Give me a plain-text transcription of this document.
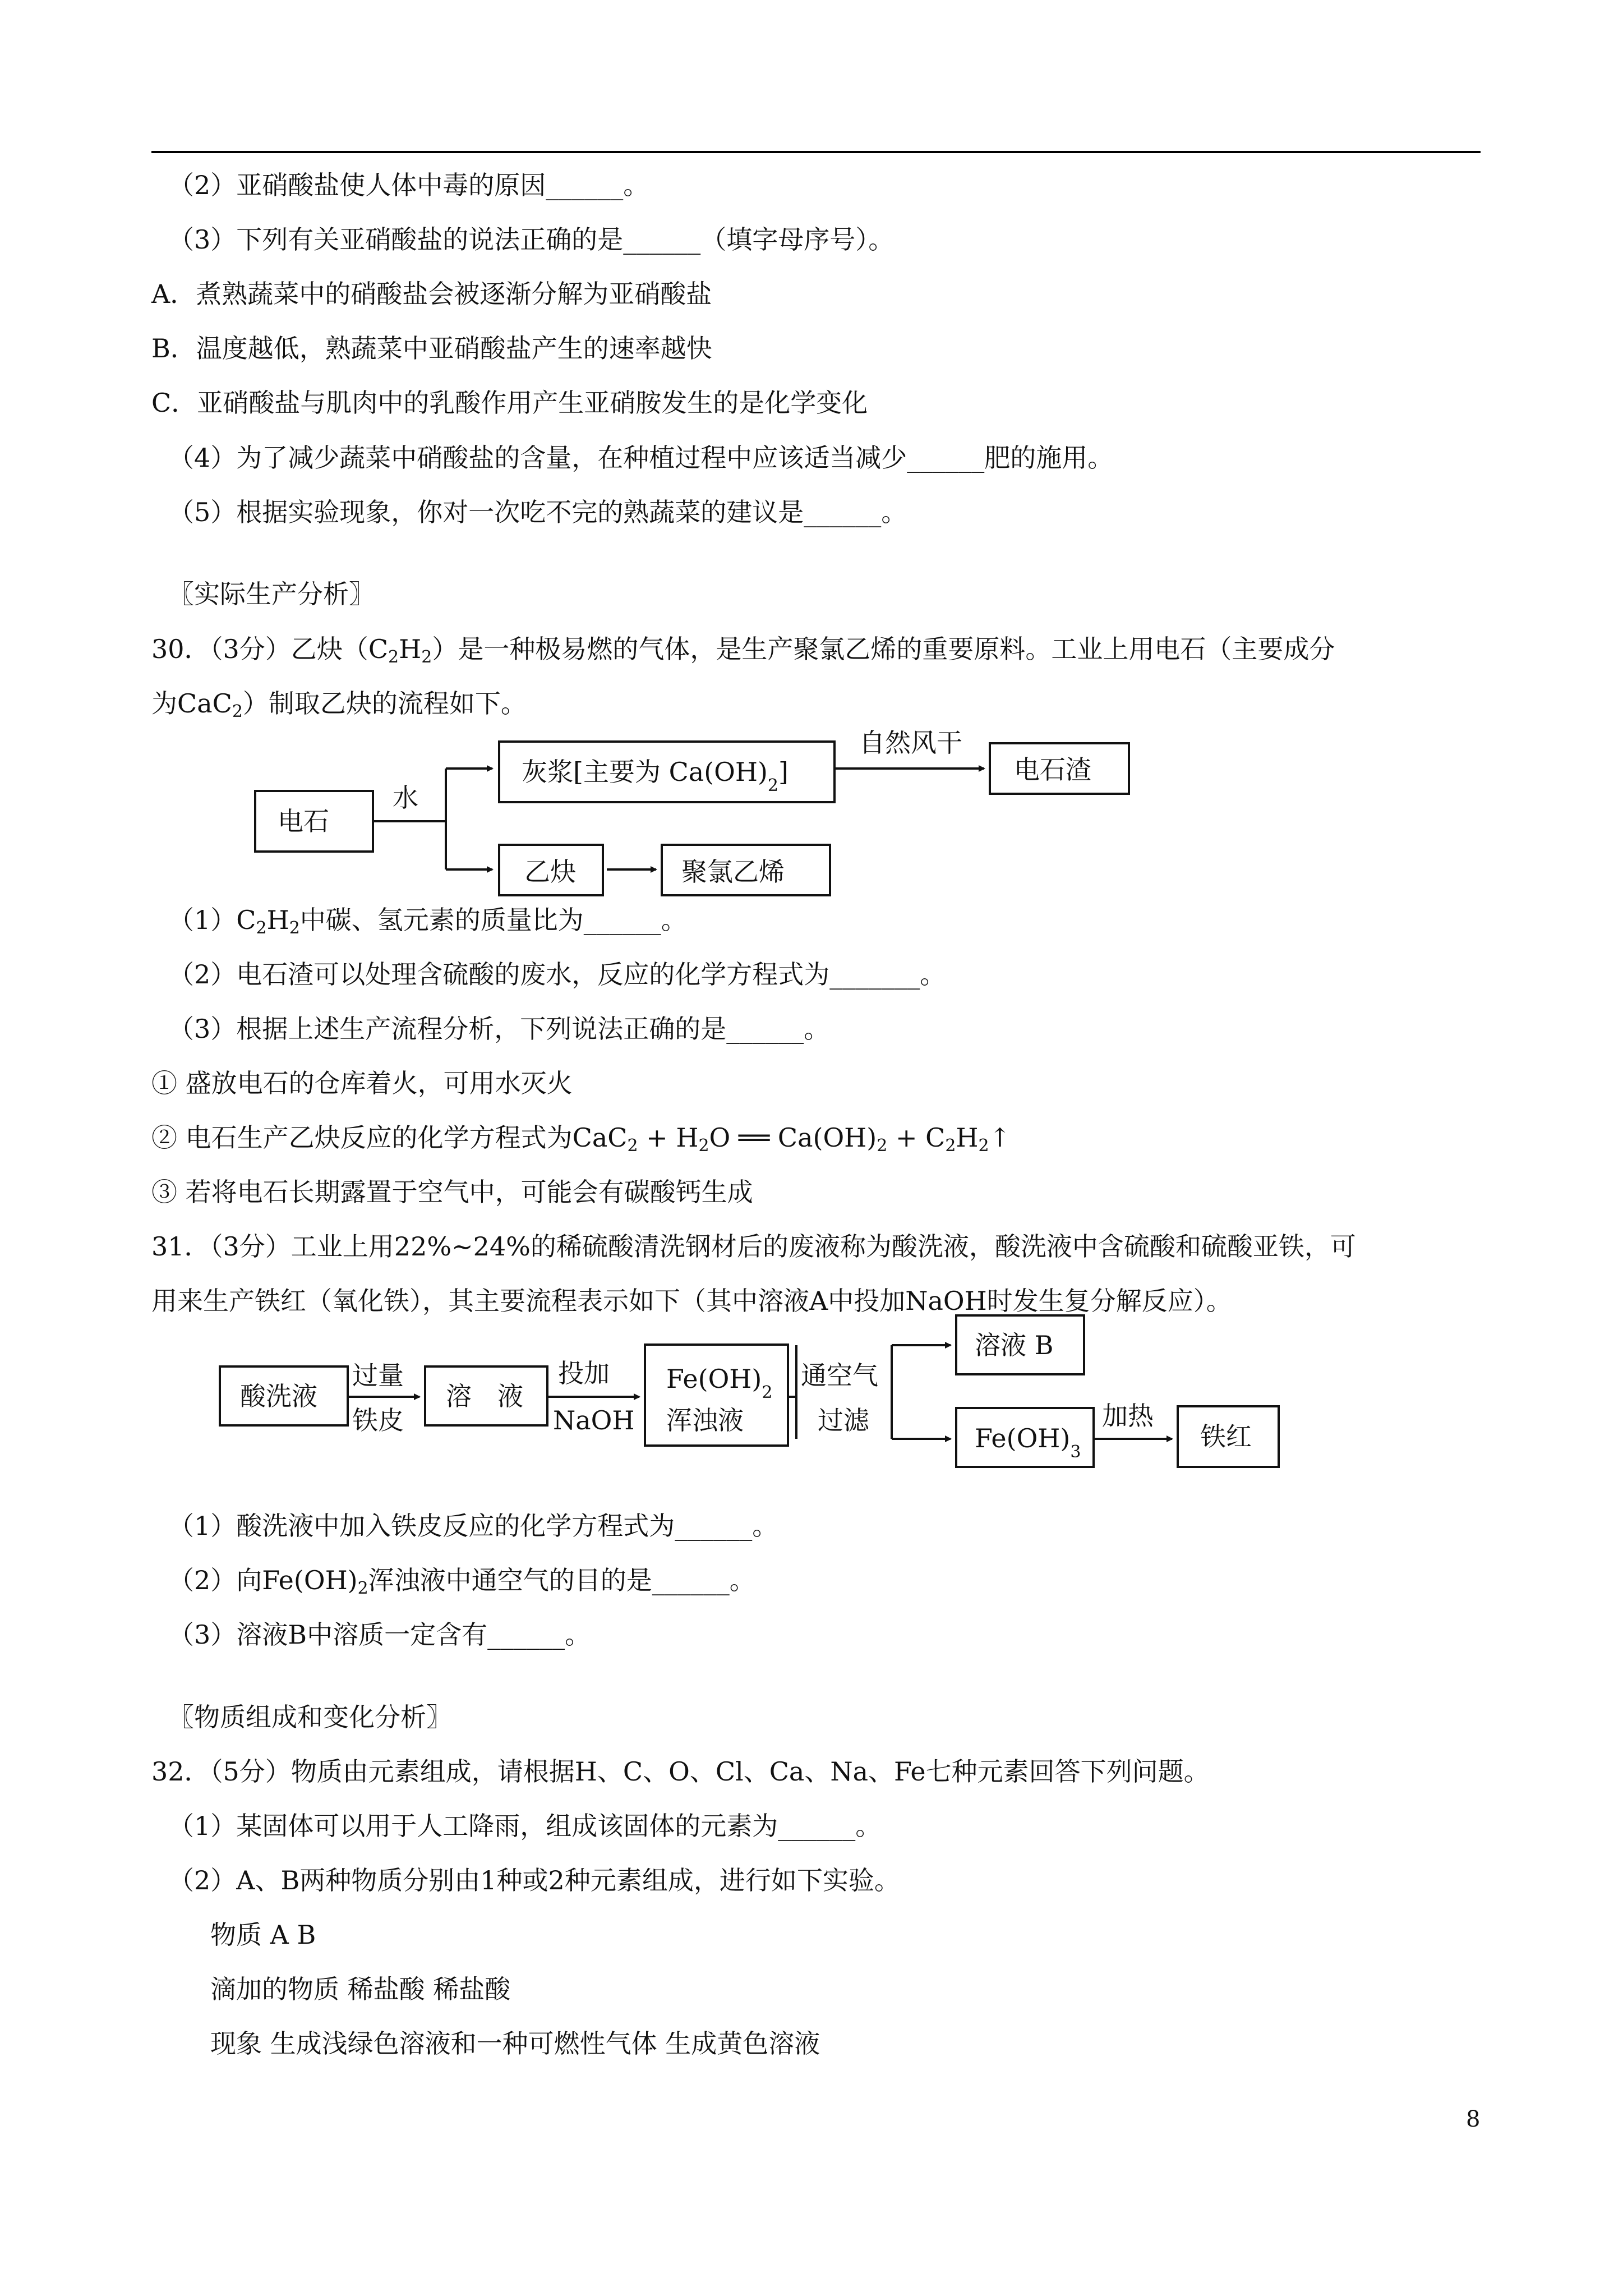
（2）亚硝酸盐使人体中毒的原因______。
（3）下列有关亚硝酸盐的说法正确的是______（填字母序号）。
A．煮熟蔬菜中的硝酸盐会被逐渐分解为亚硝酸盐
B．温度越低，熟蔬菜中亚硝酸盐产生的速率越快
C．亚硝酸盐与肌肉中的乳酸作用产生亚硝胺发生的是化学变化
（4）为了减少蔬菜中硝酸盐的含量，在种植过程中应该适当减少______肥的施用。
（5）根据实验现象，你对一次吃不完的熟蔬菜的建议是______。
〖实际生产分析〗
30．（3分）乙炔$(C_2H_2)$是一种极易燃的气体，是生产聚氯乙烯的重要原料。工业上用电石（主要成分
为CaC$_2$）制取乙炔的流程如下。
电石
水
灰浆[主要为 $Ca(OH)_2$]
自然风干
电石渣
乙炔	聚氯乙烯
酸洗液
过量
铁皮
溶　液
投加
NaOH
$Fe(OH)_2$
浑浊液
通空气
过滤
溶液 B
$Fe(OH)_3$
加热
铁红
$(1)C_2H_2$中碳、氢元素的质量比为______。
（2）电石渣可以处理含硫酸的废水，反应的化学方程式为_______。
（3）根据上述生产流程分析，下列说法正确的是______。
① 盛放电石的仓库着火，可用水灭火
② 电石生产乙炔反应的化学方程式为$CaC_2 + H_2O$ ══ $Ca(OH)_2$ + $C_2H_2↑$
③ 若将电石长期露置于空气中，可能会有碳酸钙生成
31．（3分）工业上用22%~24%的稀硫酸清洗钢材后的废液称为酸洗液，酸洗液中含硫酸和硫酸亚铁，可
用来生产铁红（氧化铁），其主要流程表示如下（其中溶液A中投加NaOH时发生复分解反应）。
（1）酸洗液中加入铁皮反应的化学方程式为______。
（2）向$Fe(OH)_2$浑浊液中通空气的目的是______。
（3）溶液B中溶质一定含有______。
〖物质组成和变化分析〗
32．（5分）物质由元素组成，请根据H、C、O、Cl、Ca、Na、Fe七种元素回答下列问题。
（1）某固体可以用于人工降雨，组成该固体的元素为______。
（2）A、B两种物质分别由1种或2种元素组成，进行如下实验。
物质 A B
滴加的物质 稀盐酸 稀盐酸
现象 生成浅绿色溶液和一种可燃性气体 生成黄色溶液
8
